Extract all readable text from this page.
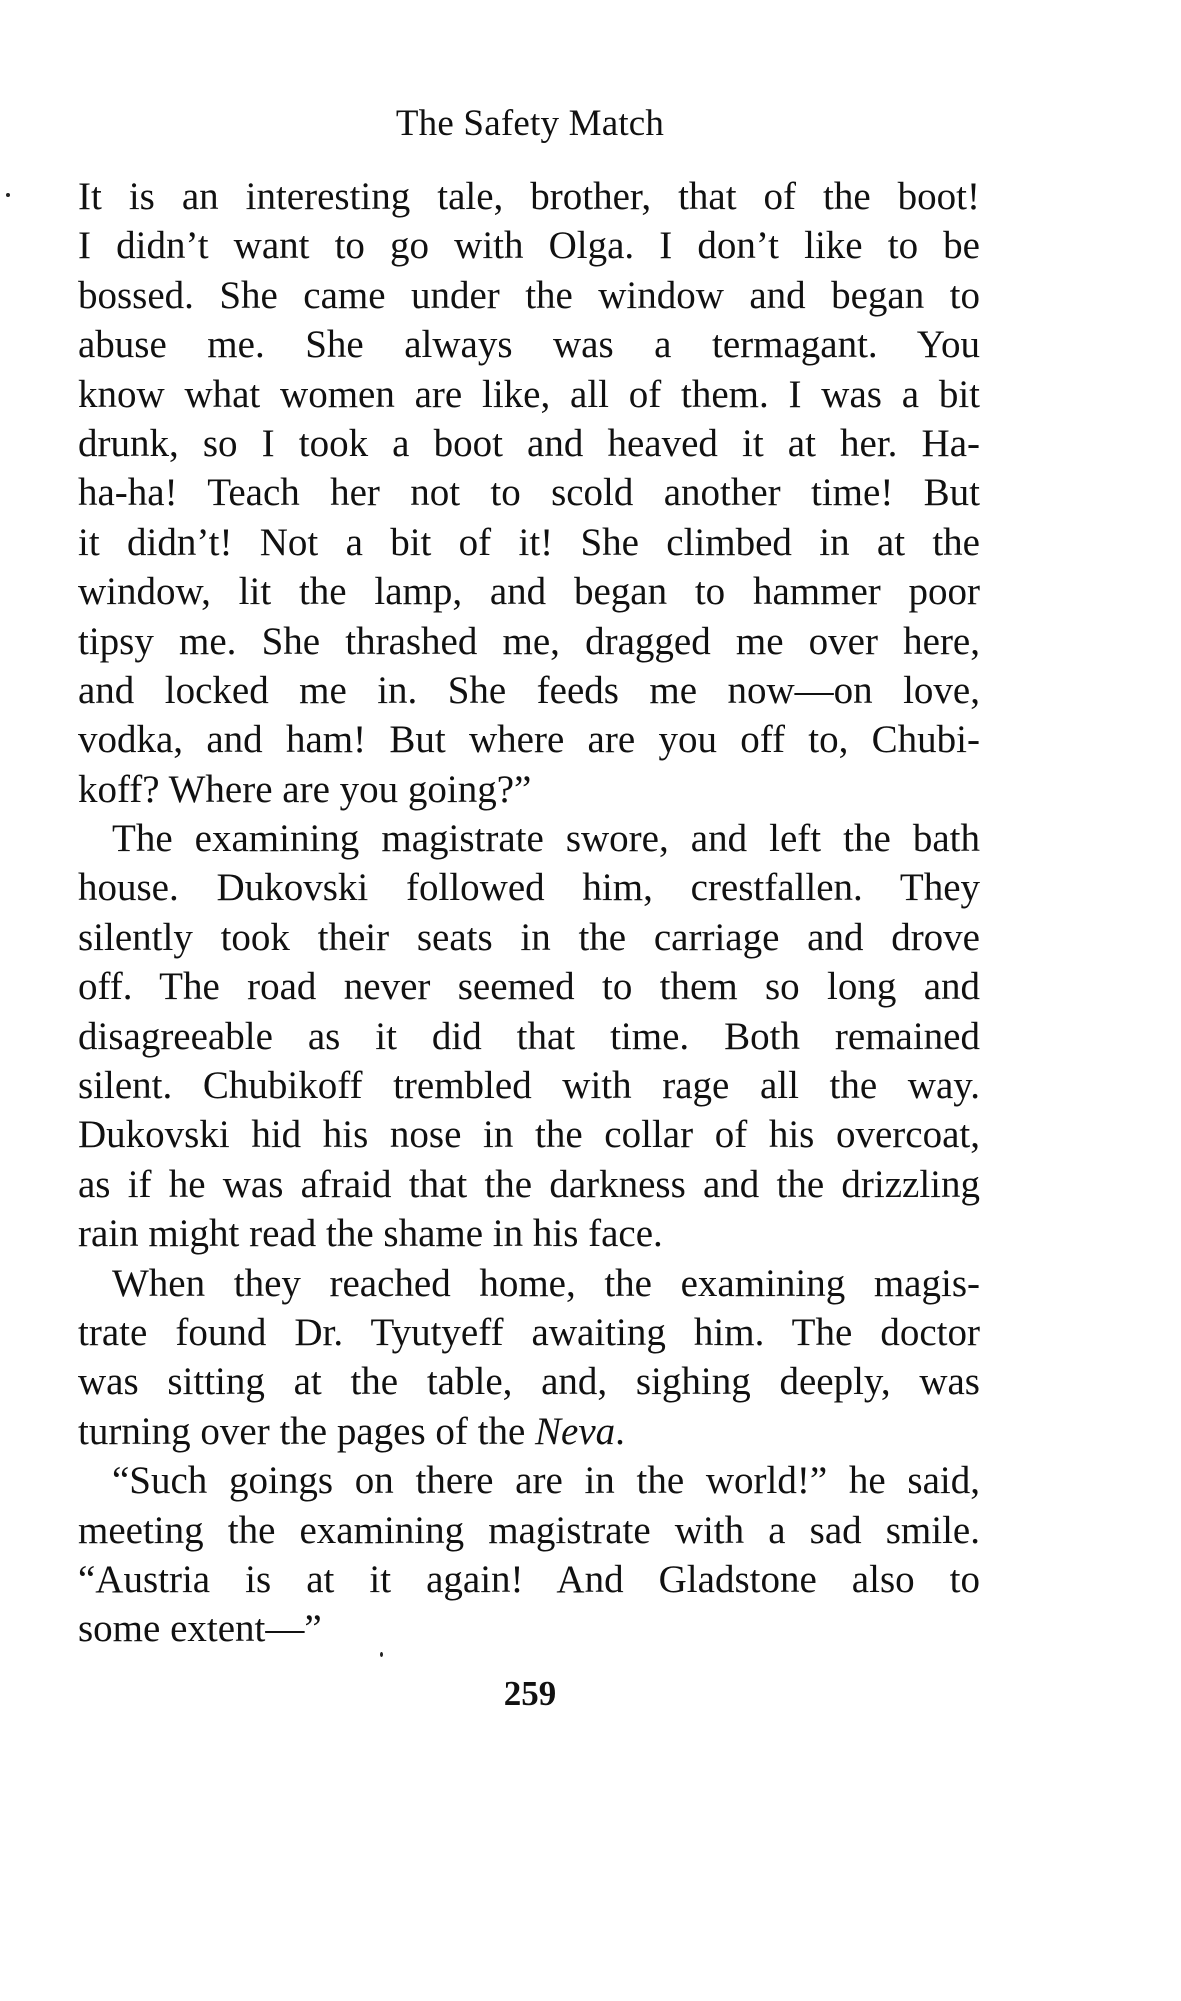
The Safety Match
It is an interesting tale, brother, that of the boot!
I didn’t want to go with Olga. I don’t like to be
bossed. She came under the window and began to
abuse me. She always was a termagant. You
know what women are like, all of them. I was a bit
drunk, so I took a boot and heaved it at her. Ha-
ha-ha! Teach her not to scold another time! But
it didn’t! Not a bit of it! She climbed in at the
window, lit the lamp, and began to hammer poor
tipsy me. She thrashed me, dragged me over here,
and locked me in. She feeds me now—on love,
vodka, and ham! But where are you off to, Chubi-
koff? Where are you going?”
The examining magistrate swore, and left the bath
house. Dukovski followed him, crestfallen. They
silently took their seats in the carriage and drove
off. The road never seemed to them so long and
disagreeable as it did that time. Both remained
silent. Chubikoff trembled with rage all the way.
Dukovski hid his nose in the collar of his overcoat,
as if he was afraid that the darkness and the drizzling
rain might read the shame in his face.
When they reached home, the examining magis-
trate found Dr. Tyutyeff awaiting him. The doctor
was sitting at the table, and, sighing deeply, was
turning over the pages of the Neva.
“Such goings on there are in the world!” he said,
meeting the examining magistrate with a sad smile.
“Austria is at it again! And Gladstone also to
some extent—”
259
